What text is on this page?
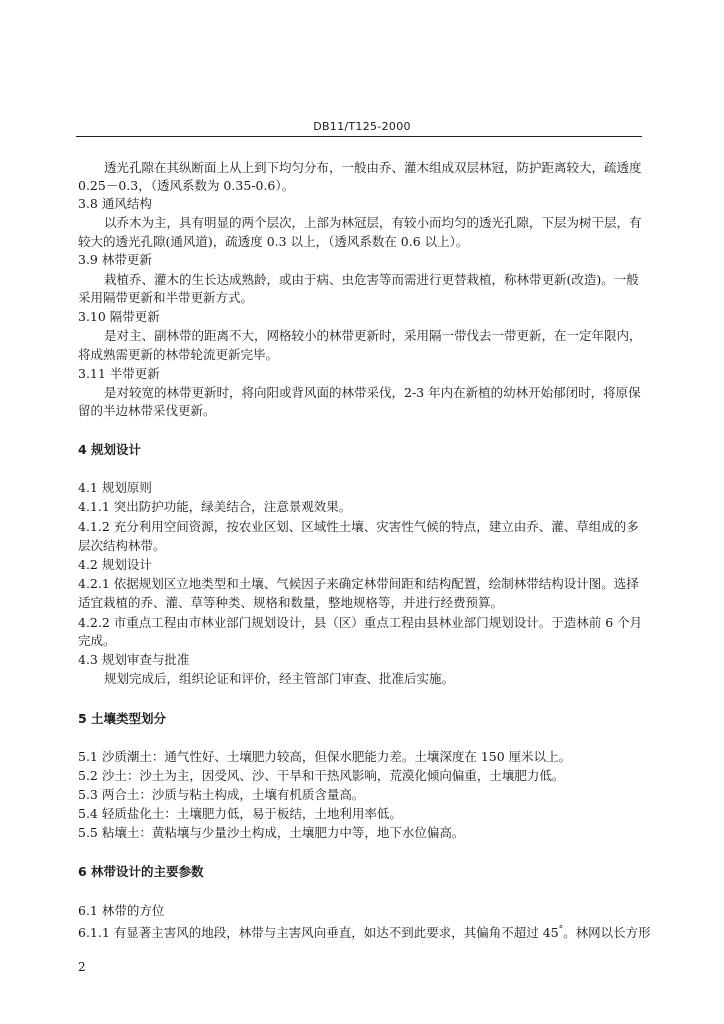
DB11/T125-2000
透光孔隙在其纵断面上从上到下均匀分布，一般由乔、灌木组成双层林冠，防护距离较大，疏透度
0.25－0.3，（透风系数为 0.35-0.6）。
3.8 通风结构
以乔木为主，具有明显的两个层次，上部为林冠层，有较小而均匀的透光孔隙，下层为树干层，有
较大的透光孔隙(通风道)，疏透度 0.3 以上，（透风系数在 0.6 以上）。
3.9 林带更新
栽植乔、灌木的生长达成熟龄，或由于病、虫危害等而需进行更替栽植，称林带更新(改造)。一般
采用隔带更新和半带更新方式。
3.10 隔带更新
是对主、副林带的距离不大，网格较小的林带更新时，采用隔一带伐去一带更新，在一定年限内，
将成熟需更新的林带轮流更新完毕。
3.11 半带更新
是对较宽的林带更新时，将向阳或背风面的林带采伐，2-3 年内在新植的幼林开始郁闭时，将原保
留的半边林带采伐更新。
4 规划设计
4.1 规划原则
4.1.1 突出防护功能，绿美结合，注意景观效果。
4.1.2 充分利用空间资源，按农业区划、区域性土壤、灾害性气候的特点，建立由乔、灌、草组成的多
层次结构林带。
4.2 规划设计
4.2.1 依据规划区立地类型和土壤、气候因子来确定林带间距和结构配置，绘制林带结构设计图。选择
适宜栽植的乔、灌、草等种类、规格和数量，整地规格等，并进行经费预算。
4.2.2 市重点工程由市林业部门规划设计，县（区）重点工程由县林业部门规划设计。于造林前 6 个月
完成。
4.3 规划审查与批准
规划完成后，组织论证和评价，经主管部门审查、批准后实施。
5 土壤类型划分
5.1 沙质潮土：通气性好、土壤肥力较高，但保水肥能力差。土壤深度在 150 厘米以上。
5.2 沙土：沙土为主，因受风、沙、干旱和干热风影响，荒漠化倾向偏重，土壤肥力低。
5.3 两合土：沙质与粘土构成，土壤有机质含量高。
5.4 轻质盐化土：土壤肥力低，易于板结，土地利用率低。
5.5 粘壤土：黄粘壤与少量沙土构成，土壤肥力中等，地下水位偏高。
6 林带设计的主要参数
6.1 林带的方位
6.1.1 有显著主害风的地段，林带与主害风向垂直，如达不到此要求，其偏角不超过 45°。林网以长方形
2
